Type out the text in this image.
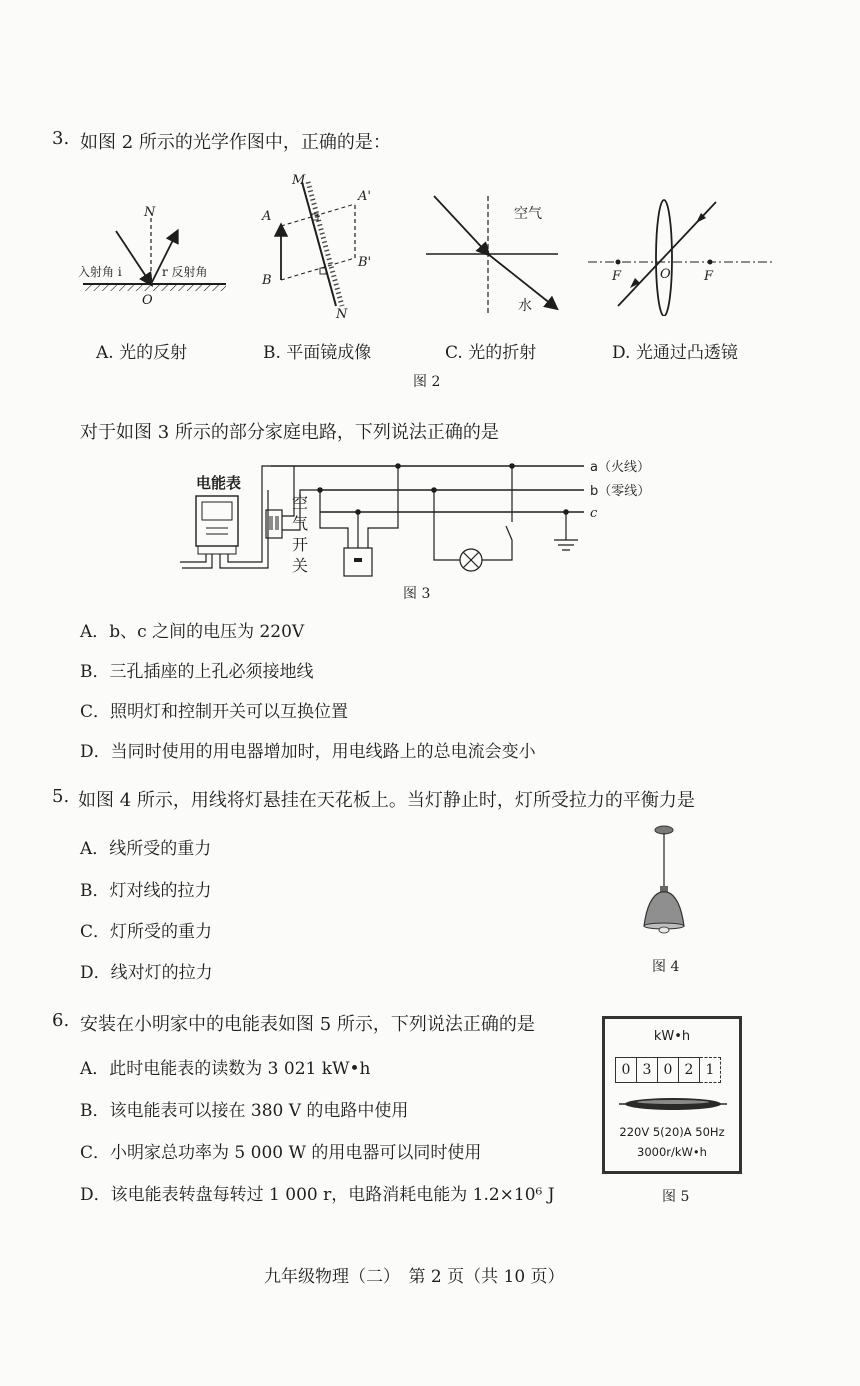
3. 如图 2 所示的光学作图中，正确的是：
N
O
入射角 i	r 反射角
M
N
A
B
A'
B'
空气
水
F	O	F
A. 光的反射	B. 平面镜成像	C. 光的折射	D. 光通过凸透镜
图 2
对于如图 3 所示的部分家庭电路，下列说法正确的是
a（火线）
b（零线）
c
电能表
空
气
开
关
图 3
A．b、c 之间的电压为 220V
B．三孔插座的上孔必须接地线
C．照明灯和控制开关可以互换位置
D．当同时使用的用电器增加时，用电线路上的总电流会变小
5. 如图 4 所示，用线将灯悬挂在天花板上。当灯静止时，灯所受拉力的平衡力是
A．线所受的重力
B．灯对线的拉力
C．灯所受的重力
D．线对灯的拉力	图 4
6. 安装在小明家中的电能表如图 5 所示，下列说法正确的是
A．此时电能表的读数为 3 021 kW•h
B．该电能表可以接在 380 V 的电路中使用
C．小明家总功率为 5 000 W 的用电器可以同时使用
D．该电能表转盘每转过 1 000 r，电路消耗电能为 1.2×10⁶ J
kW•h
0 3 0 2 1
220V 5(20)A 50Hz
3000r/kW•h
图 5
九年级物理（二）　第 2 页（共 10 页）
